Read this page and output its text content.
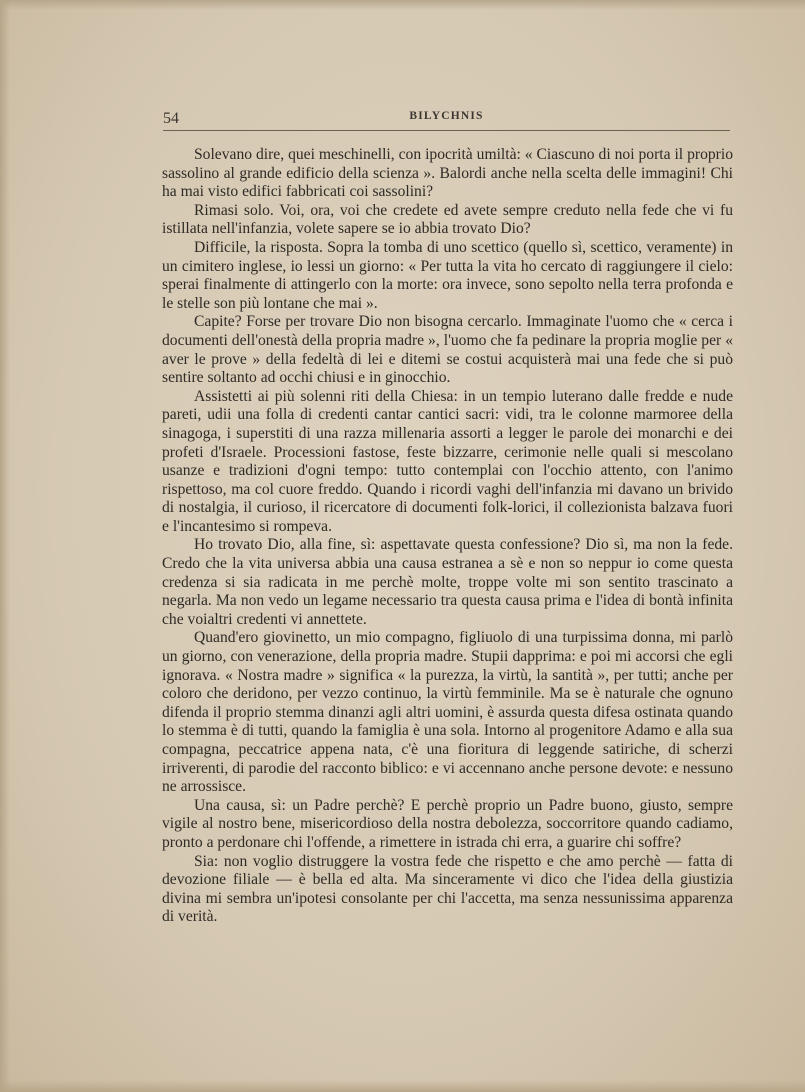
54	BILYCHNIS

Solevano dire, quei meschinelli, con ipocrità umiltà: « Ciascuno di noi porta il proprio sassolino al grande edificio della scienza ». Balordi anche nella scelta delle immagini! Chi ha mai visto edifici fabbricati coi sassolini?

Rimasi solo. Voi, ora, voi che credete ed avete sempre creduto nella fede che vi fu istillata nell'infanzia, volete sapere se io abbia trovato Dio?

Difficile, la risposta. Sopra la tomba di uno scettico (quello sì, scettico, veramente) in un cimitero inglese, io lessi un giorno: « Per tutta la vita ho cercato di raggiungere il cielo: sperai finalmente di attingerlo con la morte: ora invece, sono sepolto nella terra profonda e le stelle son più lontane che mai ».

Capite? Forse per trovare Dio non bisogna cercarlo. Immaginate l'uomo che « cerca i documenti dell'onestà della propria madre », l'uomo che fa pedinare la propria moglie per « aver le prove » della fedeltà di lei e ditemi se costui acquisterà mai una fede che si può sentire soltanto ad occhi chiusi e in ginocchio.

Assistetti ai più solenni riti della Chiesa: in un tempio luterano dalle fredde e nude pareti, udii una folla di credenti cantar cantici sacri: vidi, tra le colonne marmoree della sinagoga, i superstiti di una razza millenaria assorti a legger le parole dei monarchi e dei profeti d'Israele. Processioni fastose, feste bizzarre, cerimonie nelle quali si mescolano usanze e tradizioni d'ogni tempo: tutto contemplai con l'occhio attento, con l'animo rispettoso, ma col cuore freddo. Quando i ricordi vaghi dell'infanzia mi davano un brivido di nostalgia, il curioso, il ricercatore di documenti folk-lorici, il collezionista balzava fuori e l'incantesimo si rompeva.

Ho trovato Dio, alla fine, sì: aspettavate questa confessione? Dio sì, ma non la fede. Credo che la vita universa abbia una causa estranea a sè e non so neppur io come questa credenza si sia radicata in me perchè molte, troppe volte mi son sentito trascinato a negarla. Ma non vedo un legame necessario tra questa causa prima e l'idea di bontà infinita che voialtri credenti vi annettete.

Quand'ero giovinetto, un mio compagno, figliuolo di una turpissima donna, mi parlò un giorno, con venerazione, della propria madre. Stupii dapprima: e poi mi accorsi che egli ignorava. « Nostra madre » significa « la purezza, la virtù, la santità », per tutti; anche per coloro che deridono, per vezzo continuo, la virtù femminile. Ma se è naturale che ognuno difenda il proprio stemma dinanzi agli altri uomini, è assurda questa difesa ostinata quando lo stemma è di tutti, quando la famiglia è una sola. Intorno al progenitore Adamo e alla sua compagna, peccatrice appena nata, c'è una fioritura di leggende satiriche, di scherzi irriverenti, di parodie del racconto biblico: e vi accennano anche persone devote: e nessuno ne arrossisce.

Una causa, sì: un Padre perchè? E perchè proprio un Padre buono, giusto, sempre vigile al nostro bene, misericordioso della nostra debolezza, soccorritore quando cadiamo, pronto a perdonare chi l'offende, a rimettere in istrada chi erra, a guarire chi soffre?

Sia: non voglio distruggere la vostra fede che rispetto e che amo perchè — fatta di devozione filiale — è bella ed alta. Ma sinceramente vi dico che l'idea della giustizia divina mi sembra un'ipotesi consolante per chi l'accetta, ma senza nessunissima apparenza di verità.
